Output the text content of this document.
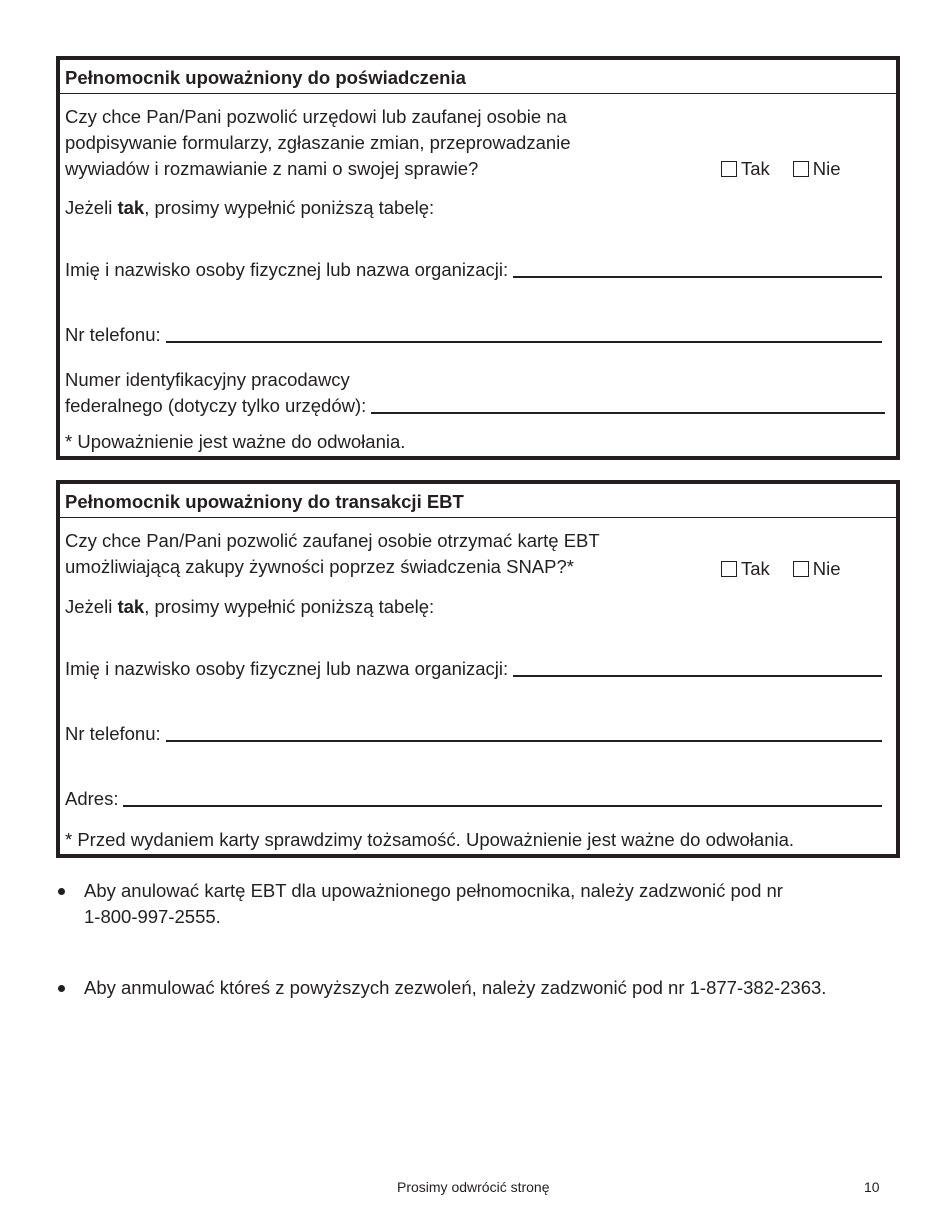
Pełnomocnik upoważniony do poświadczenia
Czy chce Pan/Pani pozwolić urzędowi lub zaufanej osobie na
podpisywanie formularzy, zgłaszanie zmian, przeprowadzanie
wywiadów i rozmawianie z nami o swojej sprawie?	Tak Nie
Jeżeli tak, prosimy wypełnić poniższą tabelę:
Imię i nazwisko osoby fizycznej lub nazwa organizacji:
Nr telefonu:
Numer identyfikacyjny pracodawcy
federalnego (dotyczy tylko urzędów):
* Upoważnienie jest ważne do odwołania.
Pełnomocnik upoważniony do transakcji EBT
Czy chce Pan/Pani pozwolić zaufanej osobie otrzymać kartę EBT
umożliwiającą zakupy żywności poprzez świadczenia SNAP?*	Tak Nie
Jeżeli tak, prosimy wypełnić poniższą tabelę:
Imię i nazwisko osoby fizycznej lub nazwa organizacji:
Nr telefonu:
Adres:
* Przed wydaniem karty sprawdzimy tożsamość. Upoważnienie jest ważne do odwołania.
Aby anulować kartę EBT dla upoważnionego pełnomocnika, należy zadzwonić pod nr
1-800-997-2555.
Aby anmulować któreś z powyższych zezwoleń, należy zadzwonić pod nr 1-877-382-2363.
Prosimy odwrócić stronę	10
